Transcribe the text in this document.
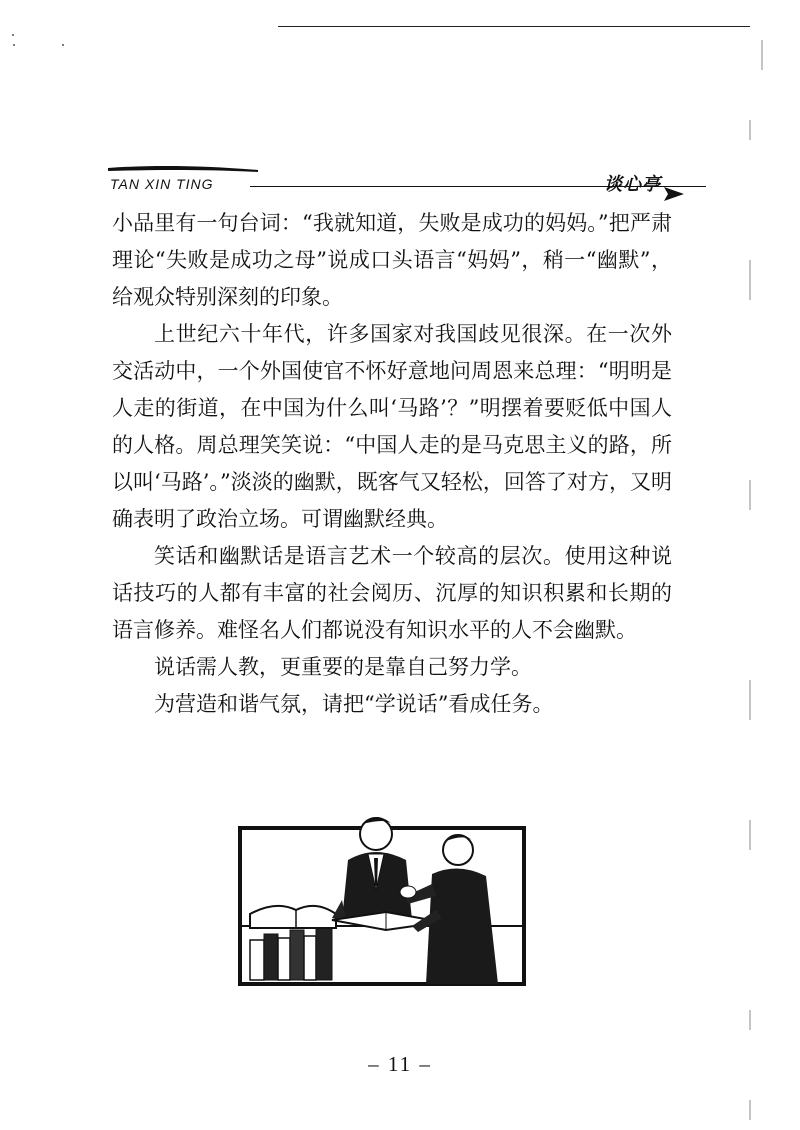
TAN XIN TING	谈心亭

小品里有一句台词：“我就知道，失败是成功的妈妈。”把严肃理论“失败是成功之母”说成口头语言“妈妈”，稍一“幽默”，给观众特别深刻的印象。

上世纪六十年代，许多国家对我国歧见很深。在一次外交活动中，一个外国使官不怀好意地问周恩来总理：“明明是人走的街道，在中国为什么叫‘马路’？”明摆着要贬低中国人的人格。周总理笑笑说：“中国人走的是马克思主义的路，所以叫‘马路’。”淡淡的幽默，既客气又轻松，回答了对方，又明确表明了政治立场。可谓幽默经典。

笑话和幽默话是语言艺术一个较高的层次。使用这种说话技巧的人都有丰富的社会阅历、沉厚的知识积累和长期的语言修养。难怪名人们都说没有知识水平的人不会幽默。

说话需人教，更重要的是靠自己努力学。

为营造和谐气氛，请把“学说话”看成任务。

– 11 –
